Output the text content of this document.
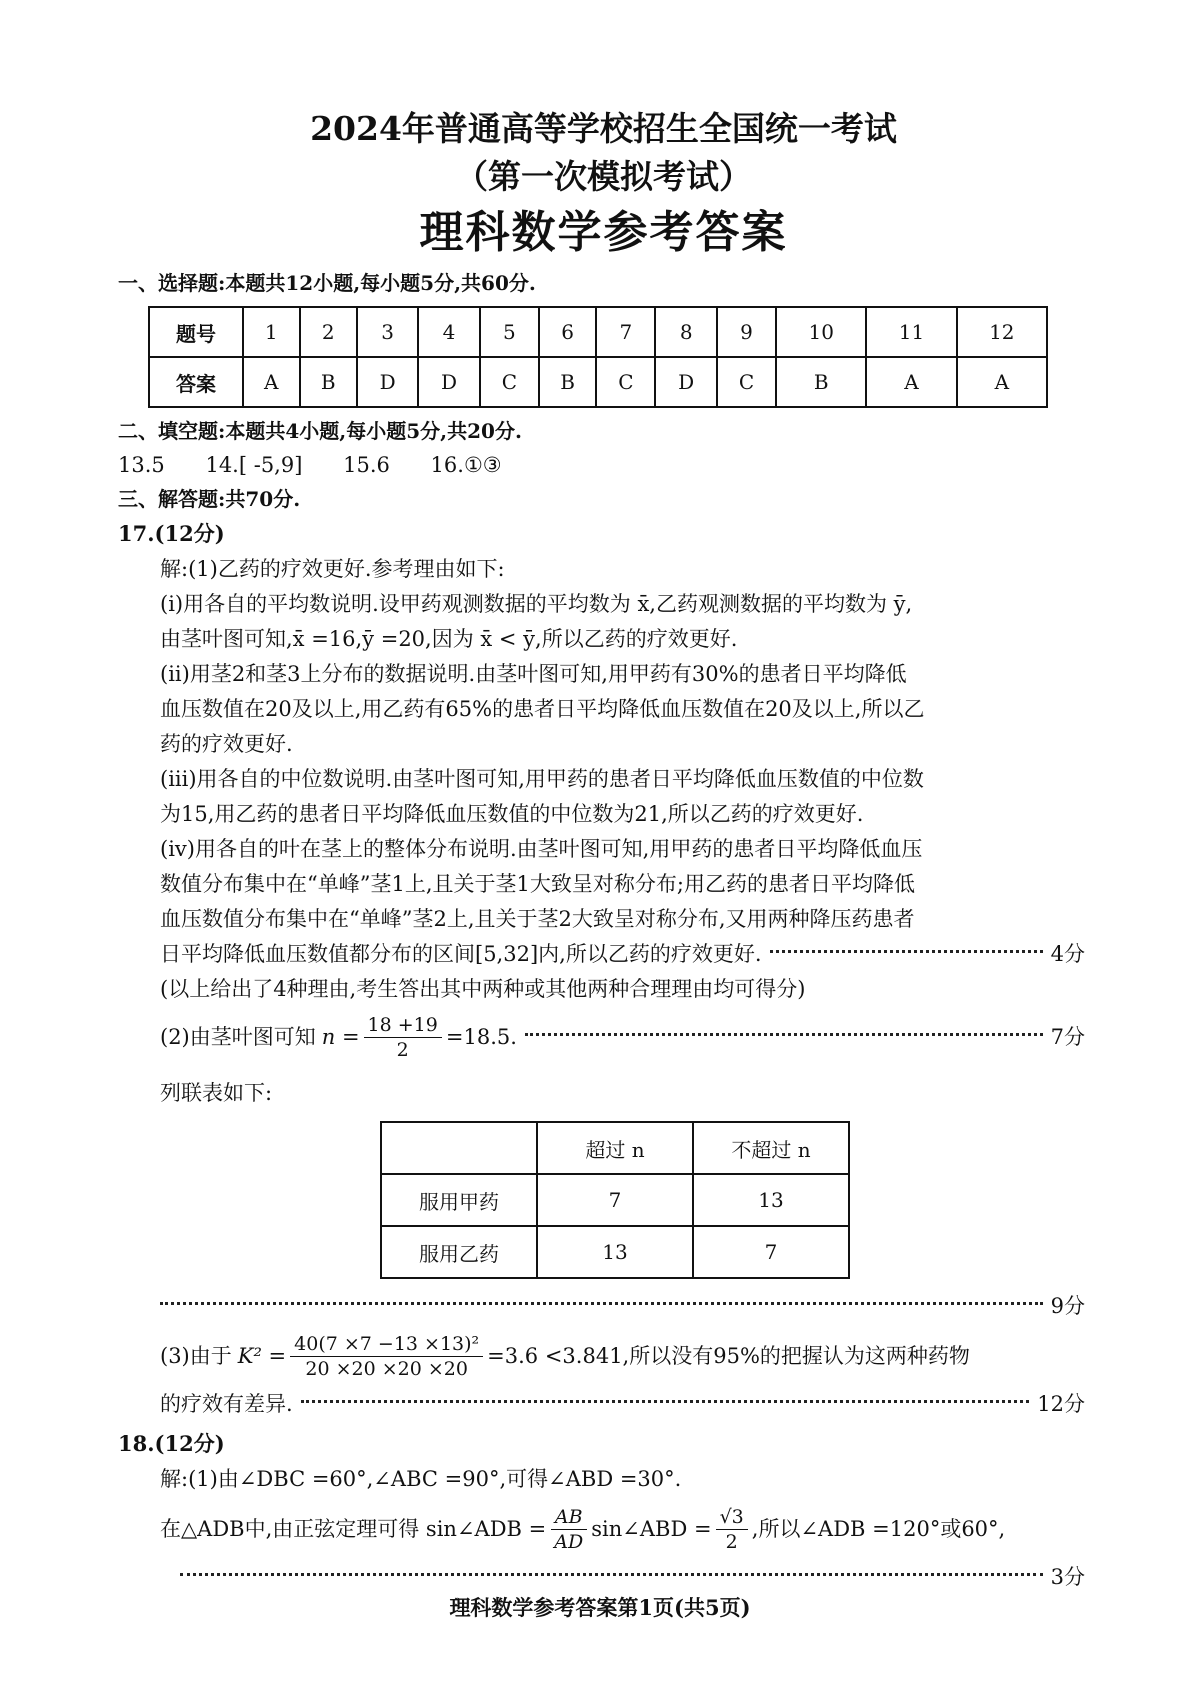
2024年普通高等学校招生全国统一考试
（第一次模拟考试）
理科数学参考答案
一、选择题:本题共12小题,每小题5分,共60分.
题号	1	2	3	4	5	6	7	8	9	10	11	12
答案	A	B	D	D	C	B	C	D	C	B	A	A
二、填空题:本题共4小题,每小题5分,共20分.
13.5 14.[ -5,9] 15.6 16.①③
三、解答题:共70分.
17.(12分)
解:(1)乙药的疗效更好.参考理由如下:
(i)用各自的平均数说明.设甲药观测数据的平均数为 x̄,乙药观测数据的平均数为 ȳ,
由茎叶图可知,x̄ =16,ȳ =20,因为 x̄ < ȳ,所以乙药的疗效更好.
(ii)用茎2和茎3上分布的数据说明.由茎叶图可知,用甲药有30%的患者日平均降低
血压数值在20及以上,用乙药有65%的患者日平均降低血压数值在20及以上,所以乙
药的疗效更好.
(iii)用各自的中位数说明.由茎叶图可知,用甲药的患者日平均降低血压数值的中位数
为15,用乙药的患者日平均降低血压数值的中位数为21,所以乙药的疗效更好.
(iv)用各自的叶在茎上的整体分布说明.由茎叶图可知,用甲药的患者日平均降低血压
数值分布集中在“单峰”茎1上,且关于茎1大致呈对称分布;用乙药的患者日平均降低
血压数值分布集中在“单峰”茎2上,且关于茎2大致呈对称分布,又用两种降压药患者
日平均降低血压数值都分布的区间[5,32]内,所以乙药的疗效更好.	4分
(以上给出了4种理由,考生答出其中两种或其他两种合理理由均可得分)
(2)由茎叶图可知 $n = \frac{18 +19}{2} =18.5$.	7分
列联表如下:
	超过 n	不超过 n
服用甲药	7	13
服用乙药	13	7
9分
(3)由于 $K^2 = \frac{\text{40(7 ×7 −13 ×13)²}}{20 \times 20 \times 20 \times 20} =3.6 <3.841$,所以没有95%的把握认为这两种药物
的疗效有差异.	12分
18.(12分)
解:(1)由∠DBC =60°,∠ABC =90°,可得∠ABD =30°.
在△ADB中,由正弦定理可得 sin∠ADB = $\frac{AB}{AD}$ sin∠ABD = $\frac{√3}{2}$ ,所以∠ADB =120°或60°,
3分
理科数学参考答案第1页(共5页)
